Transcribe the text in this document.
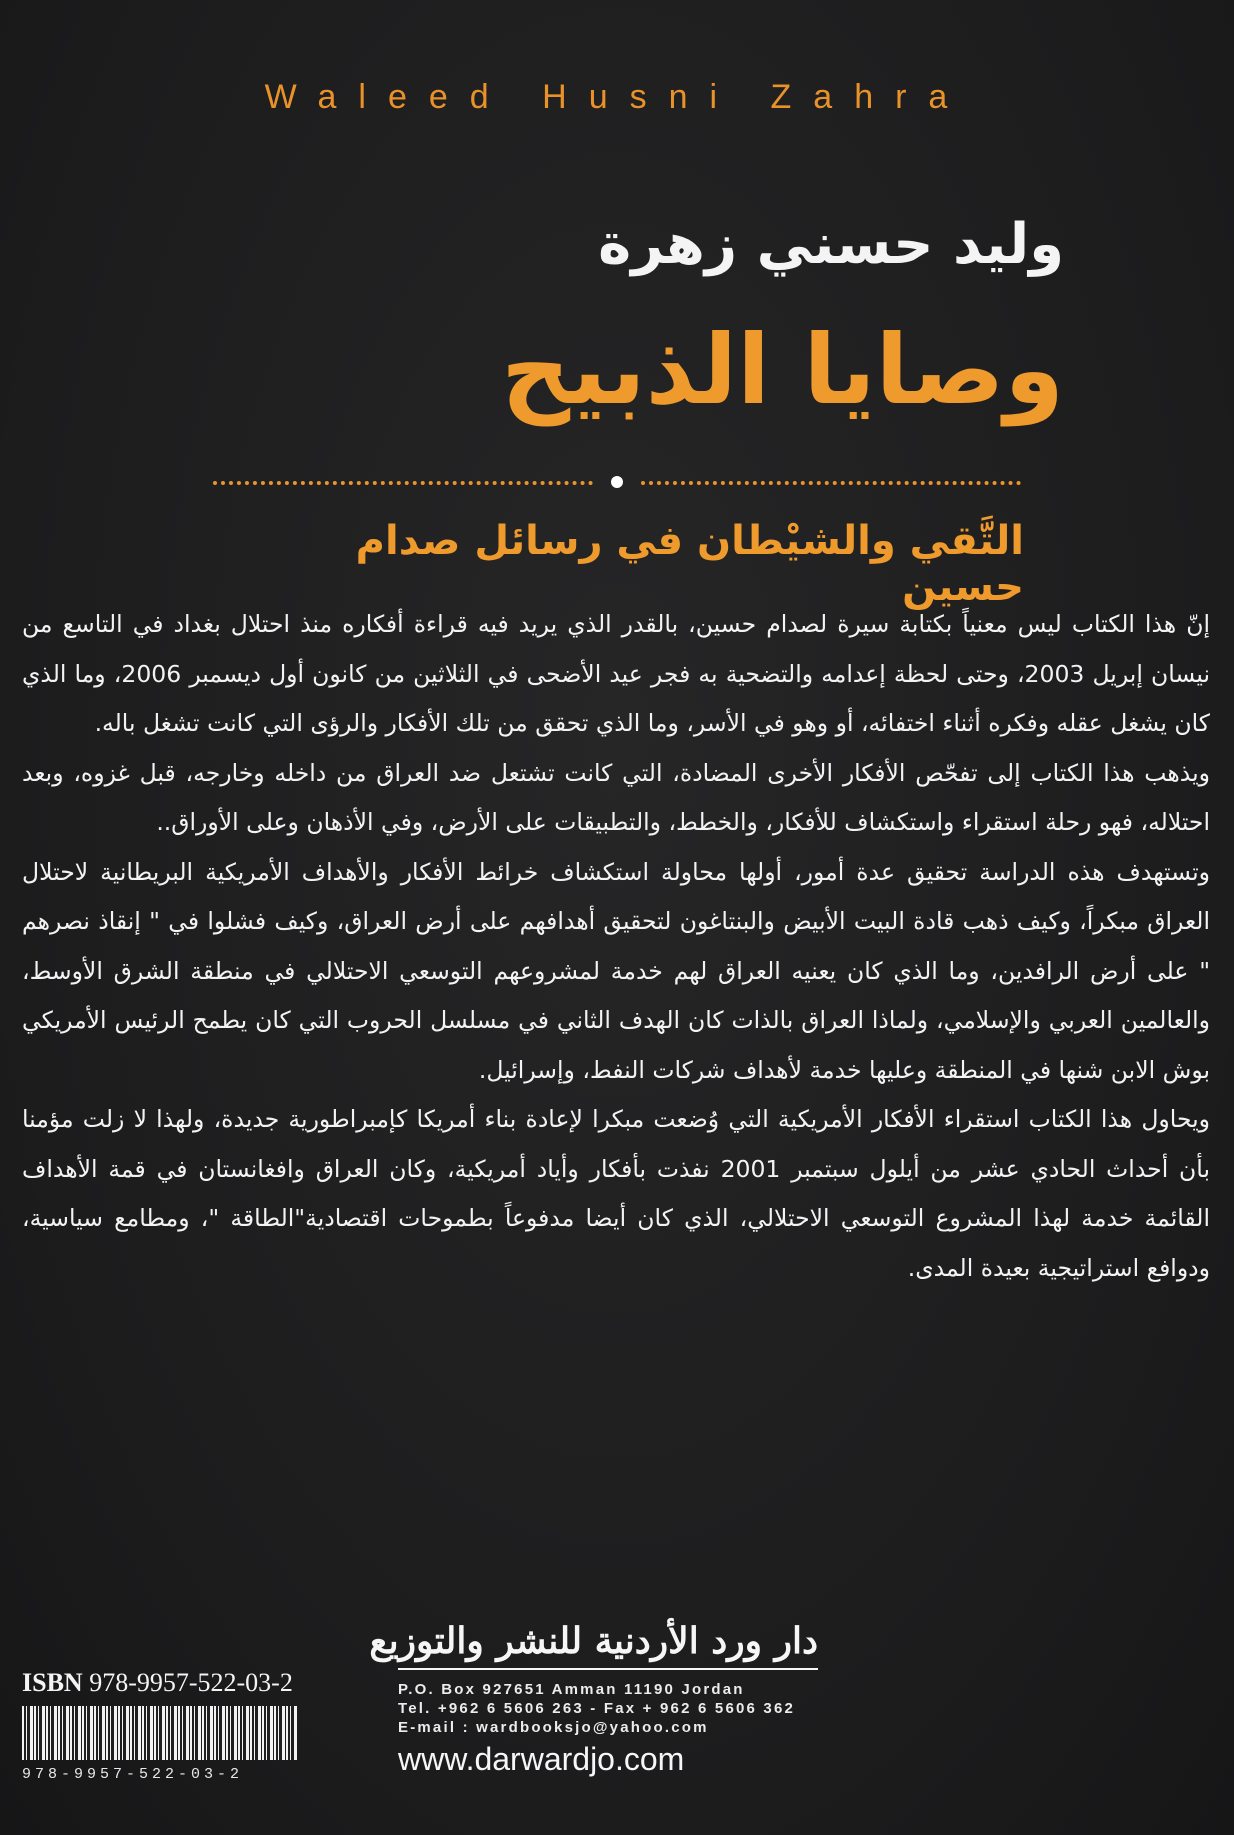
Waleed Husni Zahra
وليد حسني زهرة
وصايا الذبيح
التَّقي والشيْطان في رسائل صدام حسين

إنّ هذا الكتاب ليس معنياً بكتابة سيرة لصدام حسين، بالقدر الذي يريد فيه قراءة أفكاره منذ احتلال بغداد في التاسع من نيسان إبريل 2003، وحتى لحظة إعدامه والتضحية به فجر عيد الأضحى في الثلاثين من كانون أول ديسمبر 2006، وما الذي كان يشغل عقله وفكره أثناء اختفائه، أو وهو في الأسر، وما الذي تحقق من تلك الأفكار والرؤى التي كانت تشغل باله.

ويذهب هذا الكتاب إلى تفحّص الأفكار الأخرى المضادة، التي كانت تشتعل ضد العراق من داخله وخارجه، قبل غزوه، وبعد احتلاله، فهو رحلة استقراء واستكشاف للأفكار، والخطط، والتطبيقات على الأرض، وفي الأذهان وعلى الأوراق..

وتستهدف هذه الدراسة تحقيق عدة أمور، أولها محاولة استكشاف خرائط الأفكار والأهداف الأمريكية البريطانية لاحتلال العراق مبكراً، وكيف ذهب قادة البيت الأبيض والبنتاغون لتحقيق أهدافهم على أرض العراق، وكيف فشلوا في " إنقاذ نصرهم " على أرض الرافدين، وما الذي كان يعنيه العراق لهم خدمة لمشروعهم التوسعي الاحتلالي في منطقة الشرق الأوسط، والعالمين العربي والإسلامي، ولماذا العراق بالذات كان الهدف الثاني في مسلسل الحروب التي كان يطمح الرئيس الأمريكي بوش الابن شنها في المنطقة وعليها خدمة لأهداف شركات النفط، وإسرائيل.

ويحاول هذا الكتاب استقراء الأفكار الأمريكية التي وُضعت مبكرا لإعادة بناء أمريكا كإمبراطورية جديدة، ولهذا لا زلت مؤمنا بأن أحداث الحادي عشر من أيلول سبتمبر 2001 نفذت بأفكار وأياد أمريكية، وكان العراق وافغانستان في قمة الأهداف القائمة خدمة لهذا المشروع التوسعي الاحتلالي، الذي كان أيضا مدفوعاً بطموحات اقتصادية"الطاقة "، ومطامع سياسية، ودوافع استراتيجية بعيدة المدى.

ISBN 978-9957-522-03-2
978-9957-522-03-2
دار ورد الأردنية للنشر والتوزيع
P.O. Box 927651 Amman 11190 Jordan
Tel. +962 6 5606 263 - Fax + 962 6 5606 362
E-mail : wardbooksjo@yahoo.com
www.darwardjo.com
